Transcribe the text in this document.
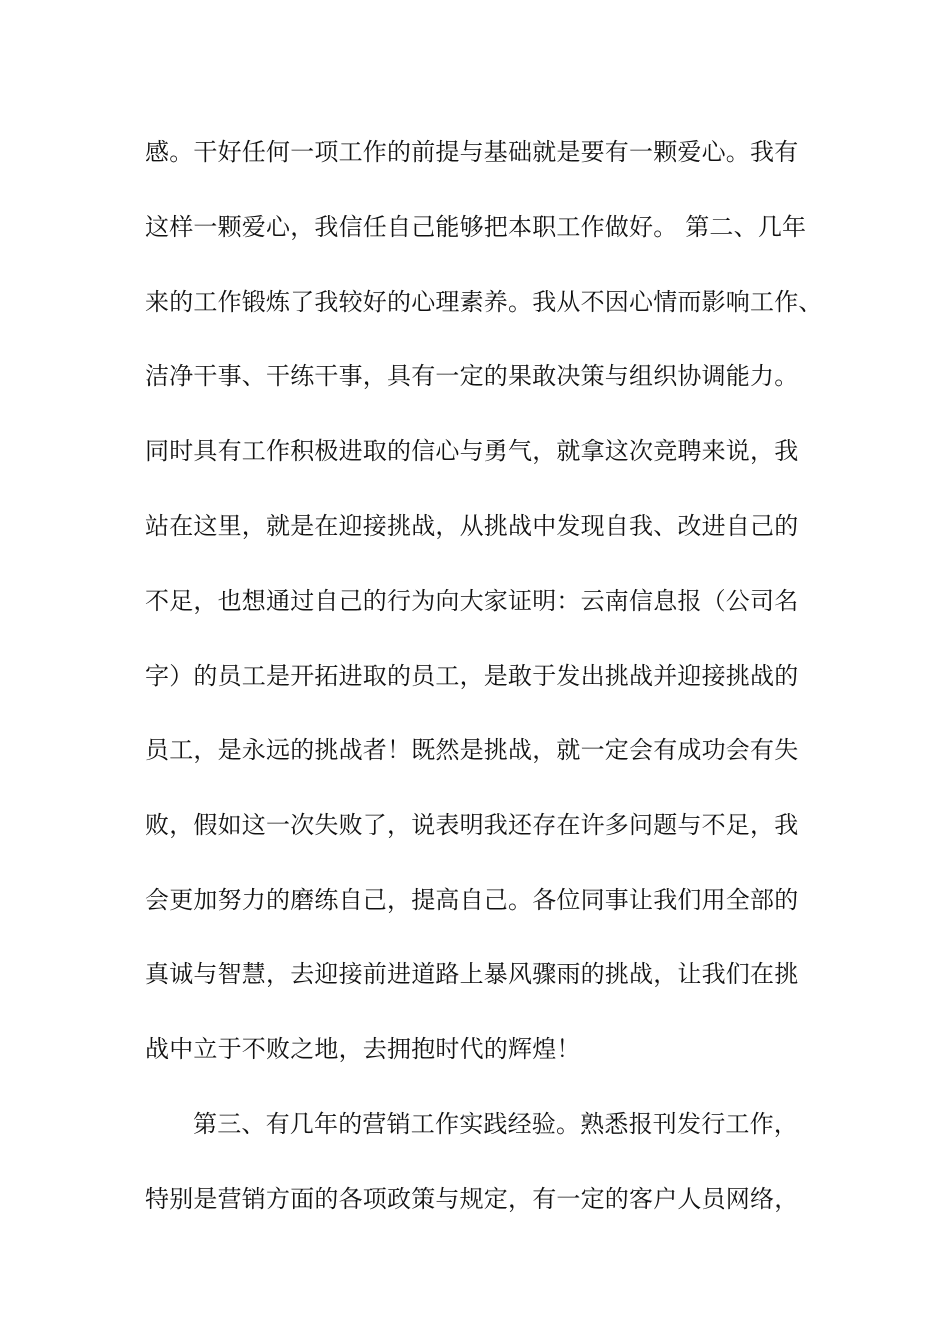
感。干好任何一项工作的前提与基础就是要有一颗爱心。我有
这样一颗爱心，我信任自己能够把本职工作做好。 第二、几年
来的工作锻炼了我较好的心理素养。我从不因心情而影响工作、
洁净干事、干练干事，具有一定的果敢决策与组织协调能力。
同时具有工作积极进取的信心与勇气，就拿这次竞聘来说，我
站在这里，就是在迎接挑战，从挑战中发现自我、改进自己的
不足，也想通过自己的行为向大家证明：云南信息报（公司名
字）的员工是开拓进取的员工，是敢于发出挑战并迎接挑战的
员工，是永远的挑战者！既然是挑战，就一定会有成功会有失
败，假如这一次失败了，说表明我还存在许多问题与不足，我
会更加努力的磨练自己，提高自己。各位同事让我们用全部的
真诚与智慧，去迎接前进道路上暴风骤雨的挑战，让我们在挑
战中立于不败之地，去拥抱时代的辉煌！
第三、有几年的营销工作实践经验。熟悉报刊发行工作，
特别是营销方面的各项政策与规定，有一定的客户人员网络，
